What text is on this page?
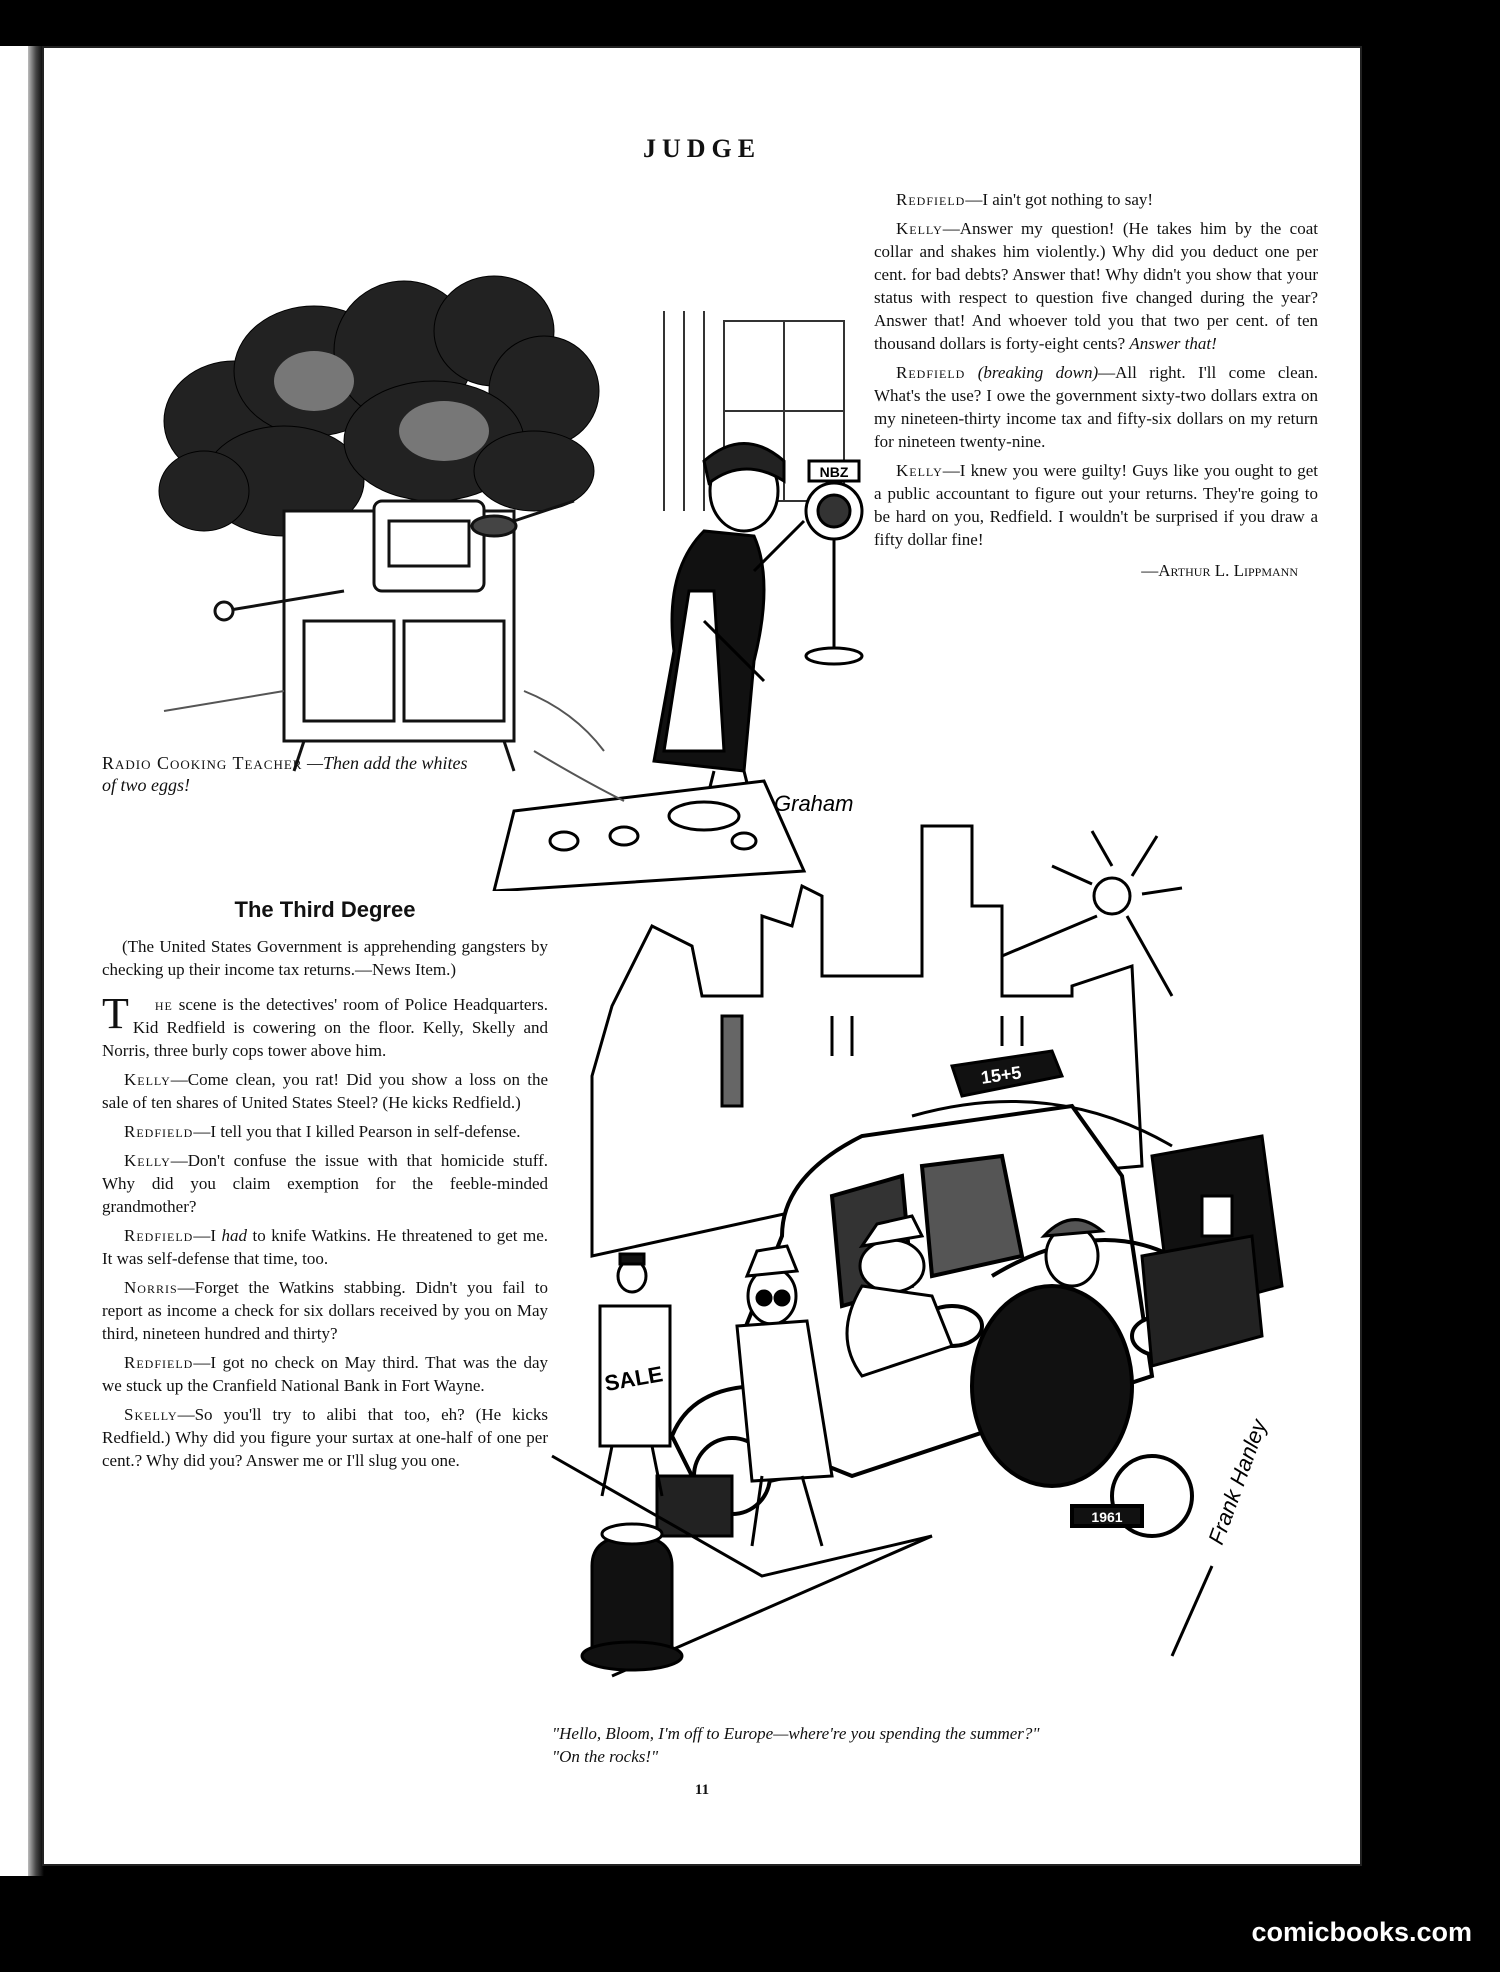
JUDGE
NBZ
Graham
Radio Cooking Teacher —Then add the whites of two eggs!

Redfield—I ain't got nothing to say!

Kelly—Answer my question! (He takes him by the coat collar and shakes him violently.) Why did you deduct one per cent. for bad debts? Answer that! Why didn't you show that your status with respect to question five changed during the year? Answer that! And whoever told you that two per cent. of ten thousand dollars is forty-eight cents? Answer that!

Redfield (breaking down)—All right. I'll come clean. What's the use? I owe the government sixty-two dollars extra on my nineteen-thirty income tax and fifty-six dollars on my return for nineteen twenty-nine.

Kelly—I knew you were guilty! Guys like you ought to get a public accountant to figure out your returns. They're going to be hard on you, Redfield. I wouldn't be surprised if you draw a fifty dollar fine!

—Arthur L. Lippmann

The Third Degree

(The United States Government is apprehending gangsters by checking up their income tax returns.—News Item.)

T he scene is the detectives' room of Police Headquarters. Kid Redfield is cowering on the floor. Kelly, Skelly and Norris, three burly cops tower above him.

Kelly—Come clean, you rat! Did you show a loss on the sale of ten shares of United States Steel? (He kicks Redfield.)

Redfield—I tell you that I killed Pearson in self-defense.

Kelly—Don't confuse the issue with that homicide stuff. Why did you claim exemption for the feeble-minded grandmother?

Redfield—I had to knife Watkins. He threatened to get me. It was self-defense that time, too.

Norris—Forget the Watkins stabbing. Didn't you fail to report as income a check for six dollars received by you on May third, nineteen hundred and thirty?

Redfield—I got no check on May third. That was the day we stuck up the Cranfield National Bank in Fort Wayne.

Skelly—So you'll try to alibi that too, eh? (He kicks Redfield.) Why did you figure your surtax at one-half of one per cent.? Why did you? Answer me or I'll slug you one.

15+5
1961
SALE
Frank Hanley
"Hello, Bloom, I'm off to Europe—where're you spending the summer?"
"On the rocks!"
11
comicbooks.com
